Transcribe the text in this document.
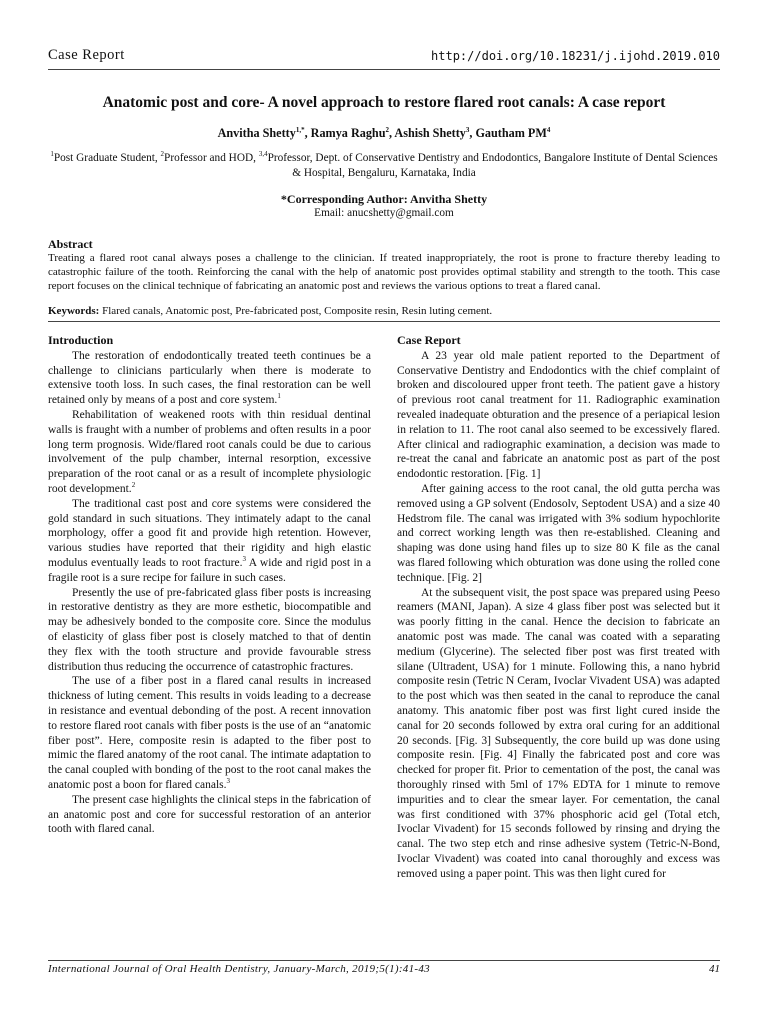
Case Report	http://doi.org/10.18231/j.ijohd.2019.010
Anatomic post and core- A novel approach to restore flared root canals: A case report
Anvitha Shetty$^{1,*}$, Ramya Raghu$^2$, Ashish Shetty$^3$, Gautham $PM^4$
$^1$Post Graduate Student, $^2$Professor and HOD, $^{3,4}$Professor, Dept. of Conservative Dentistry and Endodontics, Bangalore Institute of Dental Sciences & Hospital, Bengaluru, Karnataka, India
*Corresponding Author: Anvitha Shetty
Email: anucshetty@gmail.com
Abstract
Treating a flared root canal always poses a challenge to the clinician. If treated inappropriately, the root is prone to fracture thereby leading to catastrophic failure of the tooth. Reinforcing the canal with the help of anatomic post provides optimal stability and strength to the tooth. This case report focuses on the clinical technique of fabricating an anatomic post and reviews the various options to treat a flared canal.
Keywords: Flared canals, Anatomic post, Pre-fabricated post, Composite resin, Resin luting cement.
Introduction

The restoration of endodontically treated teeth continues be a challenge to clinicians particularly when there is moderate to extensive tooth loss. In such cases, the final restoration can be well retained only by means of a post and core system.$^1$

Rehabilitation of weakened roots with thin residual dentinal walls is fraught with a number of problems and often results in a poor long term prognosis. Wide/flared root canals could be due to carious involvement of the pulp chamber, internal resorption, excessive preparation of the root canal or as a result of incomplete physiologic root development.$^2$

The traditional cast post and core systems were considered the gold standard in such situations. They intimately adapt to the canal morphology, offer a good fit and provide high retention. However, various studies have reported that their rigidity and high elastic modulus eventually leads to root fracture.$^3$ A wide and rigid post in a fragile root is a sure recipe for failure in such cases.

Presently the use of pre-fabricated glass fiber posts is increasing in restorative dentistry as they are more esthetic, biocompatible and may be adhesively bonded to the composite core. Since the modulus of elasticity of glass fiber post is closely matched to that of dentin they flex with the tooth structure and provide favourable stress distribution thus reducing the occurrence of catastrophic fractures.

The use of a fiber post in a flared canal results in increased thickness of luting cement. This results in voids leading to a decrease in resistance and eventual debonding of the post. A recent innovation to restore flared root canals with fiber posts is the use of an “anatomic fiber post”. Here, composite resin is adapted to the fiber post to mimic the flared anatomy of the root canal. The intimate adaptation to the canal coupled with bonding of the post to the root canal makes the anatomic post a boon for flared canals.$^3$

The present case highlights the clinical steps in the fabrication of an anatomic post and core for successful restoration of an anterior tooth with flared canal.

Case Report

A 23 year old male patient reported to the Department of Conservative Dentistry and Endodontics with the chief complaint of broken and discoloured upper front teeth. The patient gave a history of previous root canal treatment for 11. Radiographic examination revealed inadequate obturation and the presence of a periapical lesion in relation to 11. The root canal also seemed to be excessively flared. After clinical and radiographic examination, a decision was made to re-treat the canal and fabricate an anatomic post as part of the post endodontic restoration. [Fig. 1]

After gaining access to the root canal, the old gutta percha was removed using a GP solvent (Endosolv, Septodent USA) and a size 40 Hedstrom file. The canal was irrigated with 3% sodium hypochlorite and correct working length was then re-established. Cleaning and shaping was done using hand files up to size 80 K file as the canal was flared following which obturation was done using the rolled cone technique. [Fig. 2]

At the subsequent visit, the post space was prepared using Peeso reamers (MANI, Japan). A size 4 glass fiber post was selected but it was poorly fitting in the canal. Hence the decision to fabricate an anatomic post was made. The canal was coated with a separating medium (Glycerine). The selected fiber post was first treated with silane (Ultradent, USA) for 1 minute. Following this, a nano hybrid composite resin (Tetric N Ceram, Ivoclar Vivadent USA) was adapted to the post which was then seated in the canal to reproduce the canal anatomy. This anatomic fiber post was first light cured inside the canal for 20 seconds followed by extra oral curing for an additional 20 seconds. [Fig. 3] Subsequently, the core build up was done using composite resin. [Fig. 4] Finally the fabricated post and core was checked for proper fit. Prior to cementation of the post, the canal was thoroughly rinsed with 5ml of 17% EDTA for 1 minute to remove impurities and to clear the smear layer. For cementation, the canal was first conditioned with 37% phosphoric acid gel (Total etch, Ivoclar Vivadent) for 15 seconds followed by rinsing and drying the canal. The two step etch and rinse adhesive system (Tetric-N-Bond, Ivoclar Vivadent) was coated into canal thoroughly and excess was removed using a paper point. This was then light cured for

International Journal of Oral Health Dentistry, January-March, 2019;5(1):41-43	41
